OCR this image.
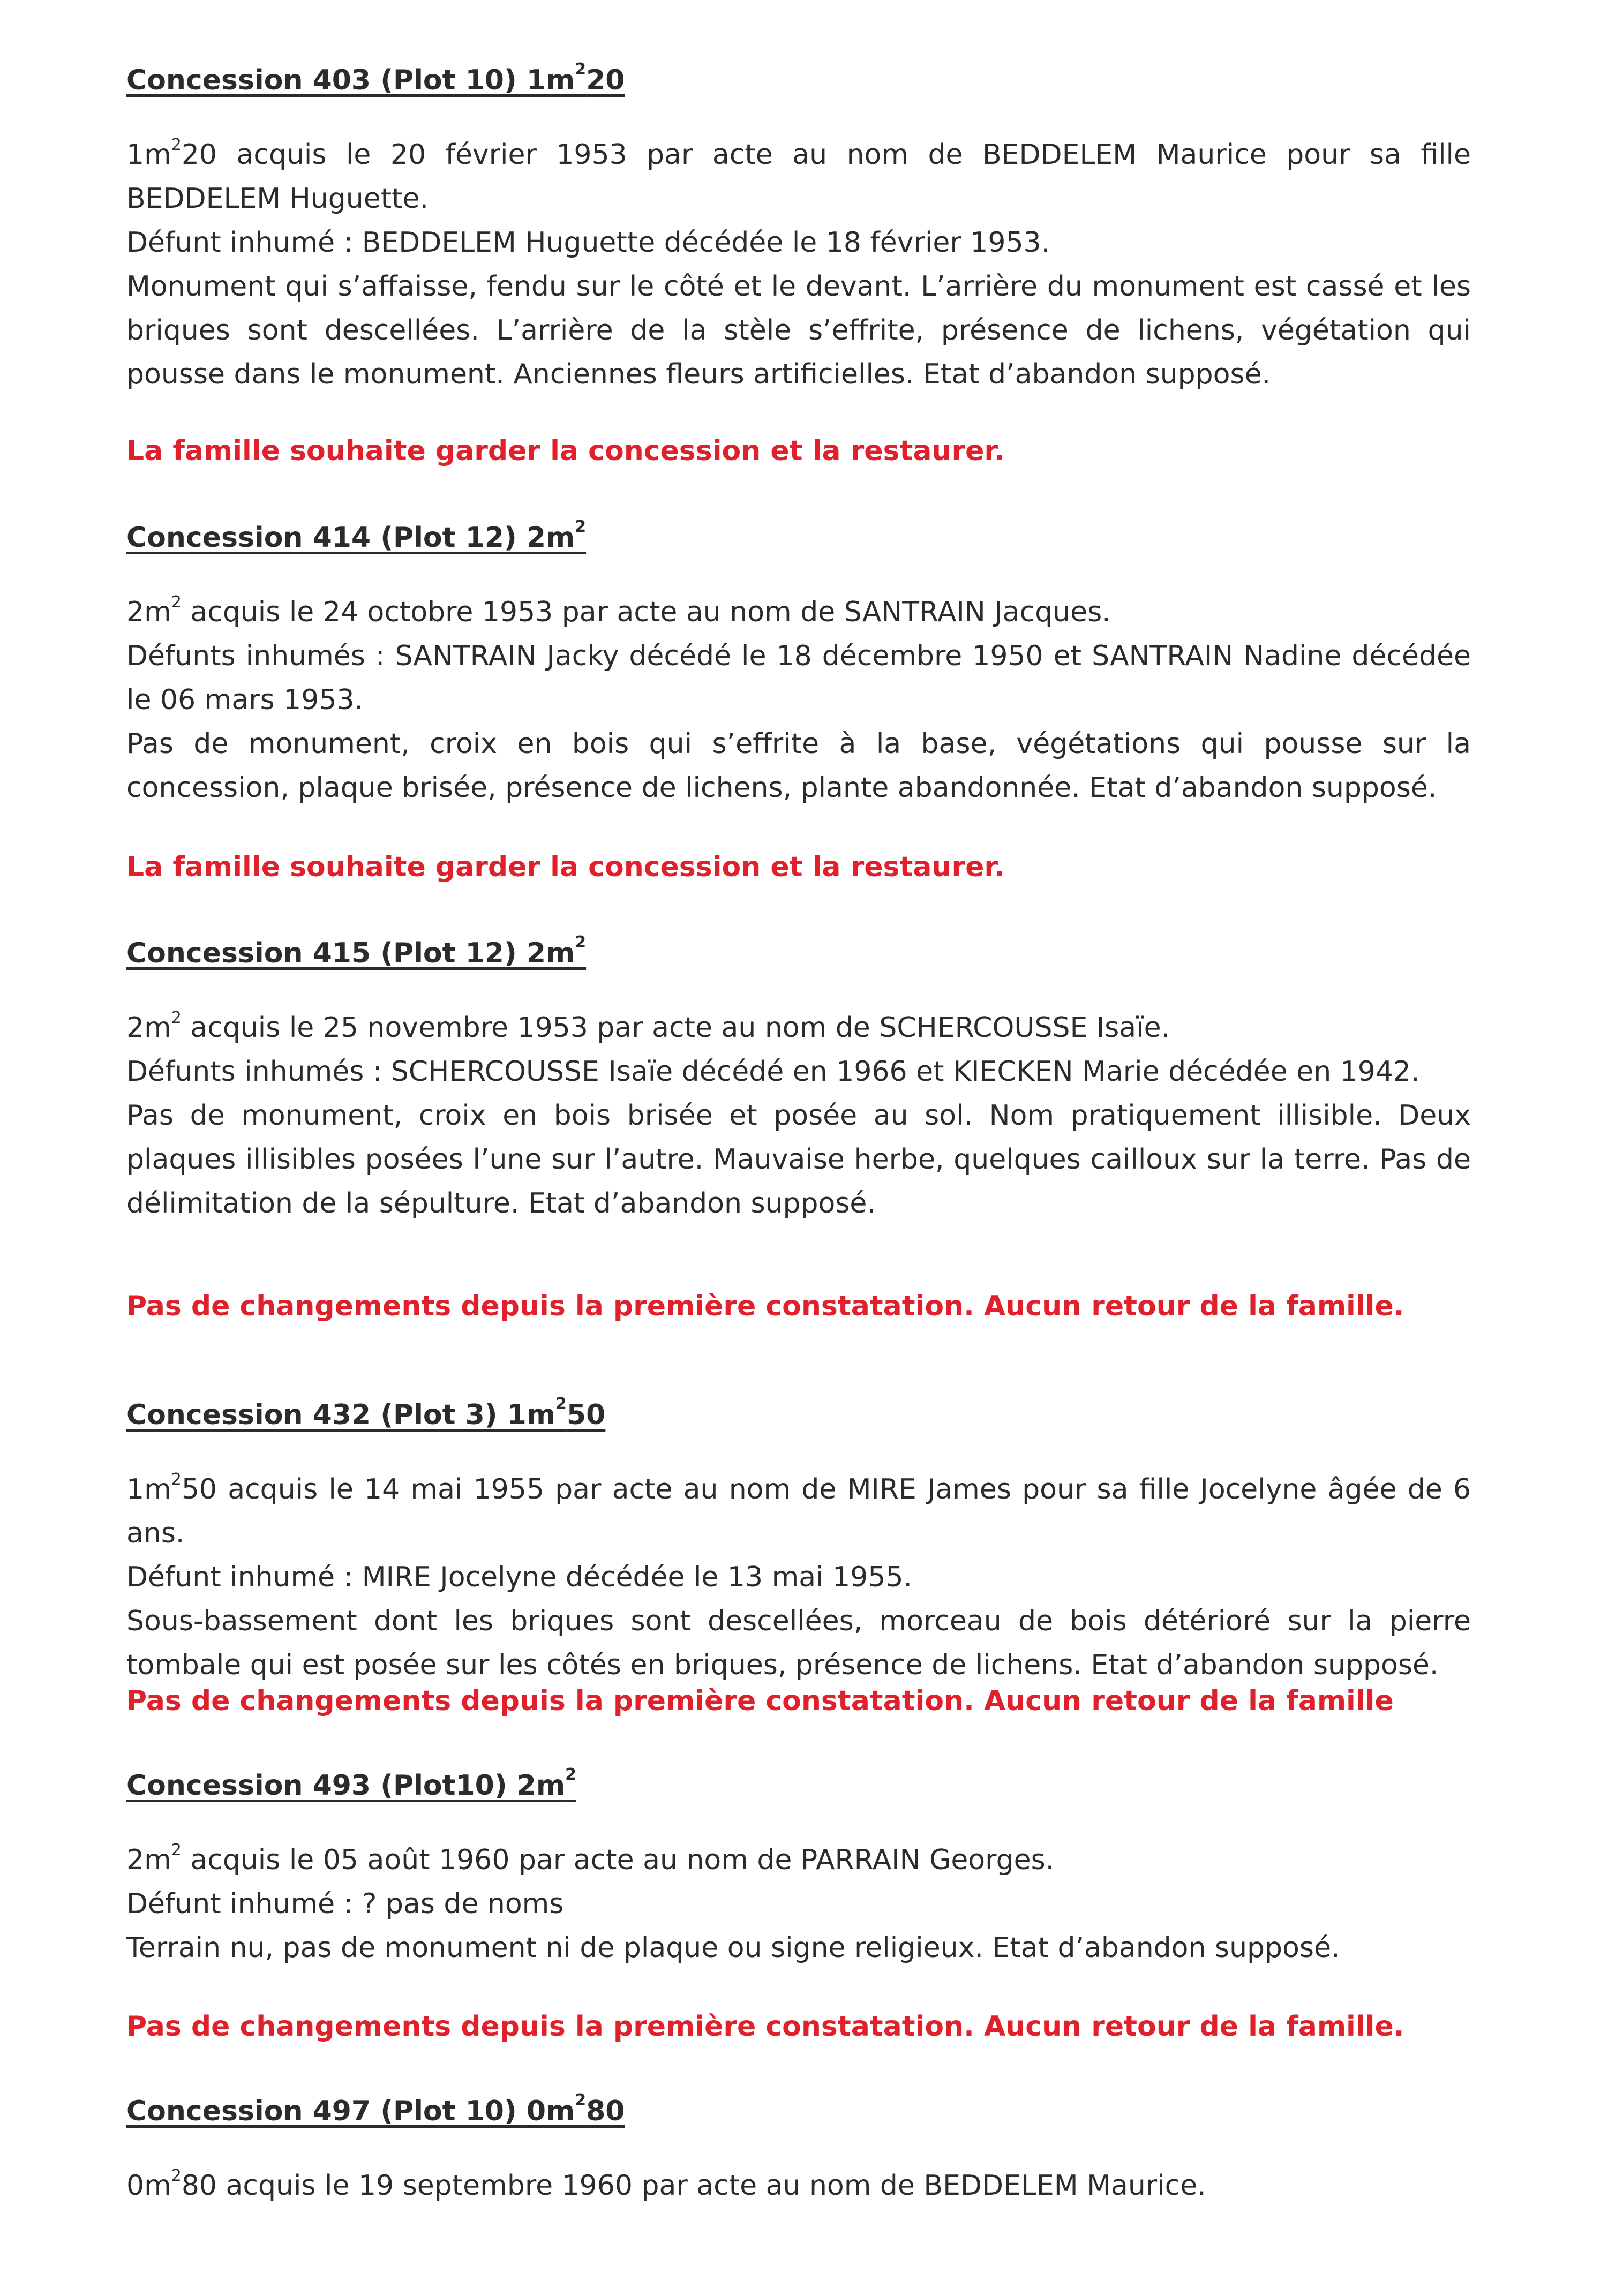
Concession 403 (Plot 10) $1m^220$

$1m^220$ acquis le 20 février 1953 par acte au nom de BEDDELEM Maurice pour sa fille BEDDELEM Huguette.

Défunt inhumé : BEDDELEM Huguette décédée le 18 février 1953.

Monument qui s’affaisse, fendu sur le côté et le devant. L’arrière du monument est cassé et les briques sont descellées. L’arrière de la stèle s’effrite, présence de lichens, végétation qui pousse dans le monument. Anciennes fleurs artificielles. Etat d’abandon supposé.

La famille souhaite garder la concession et la restaurer.

Concession 414 (Plot 12) $2m^2$

$2m^2$ acquis le 24 octobre 1953 par acte au nom de SANTRAIN Jacques.

Défunts inhumés : SANTRAIN Jacky décédé le 18 décembre 1950 et SANTRAIN Nadine décédée le 06 mars 1953.

Pas de monument, croix en bois qui s’effrite à la base, végétations qui pousse sur la concession, plaque brisée, présence de lichens, plante abandonnée. Etat d’abandon supposé.

La famille souhaite garder la concession et la restaurer.

Concession 415 (Plot 12) $2m^2$

$2m^2$ acquis le 25 novembre 1953 par acte au nom de SCHERCOUSSE Isaïe.

Défunts inhumés : SCHERCOUSSE Isaïe décédé en 1966 et KIECKEN Marie décédée en 1942.

Pas de monument, croix en bois brisée et posée au sol. Nom pratiquement illisible. Deux plaques illisibles posées l’une sur l’autre. Mauvaise herbe, quelques cailloux sur la terre. Pas de délimitation de la sépulture. Etat d’abandon supposé.

Pas de changements depuis la première constatation. Aucun retour de la famille.

Concession 432 (Plot 3) $1m^250$

$1m^250$ acquis le 14 mai 1955 par acte au nom de MIRE James pour sa fille Jocelyne âgée de 6 ans.

Défunt inhumé : MIRE Jocelyne décédée le 13 mai 1955.

Sous-bassement dont les briques sont descellées, morceau de bois détérioré sur la pierre tombale qui est posée sur les côtés en briques, présence de lichens. Etat d’abandon supposé.

Pas de changements depuis la première constatation. Aucun retour de la famille

Concession 493 (Plot10) $2m^2$

$2m^2$ acquis le 05 août 1960 par acte au nom de PARRAIN Georges.

Défunt inhumé : ? pas de noms

Terrain nu, pas de monument ni de plaque ou signe religieux. Etat d’abandon supposé.

Pas de changements depuis la première constatation. Aucun retour de la famille.

Concession 497 (Plot 10) $0m^280$

$0m^280$ acquis le 19 septembre 1960 par acte au nom de BEDDELEM Maurice.
